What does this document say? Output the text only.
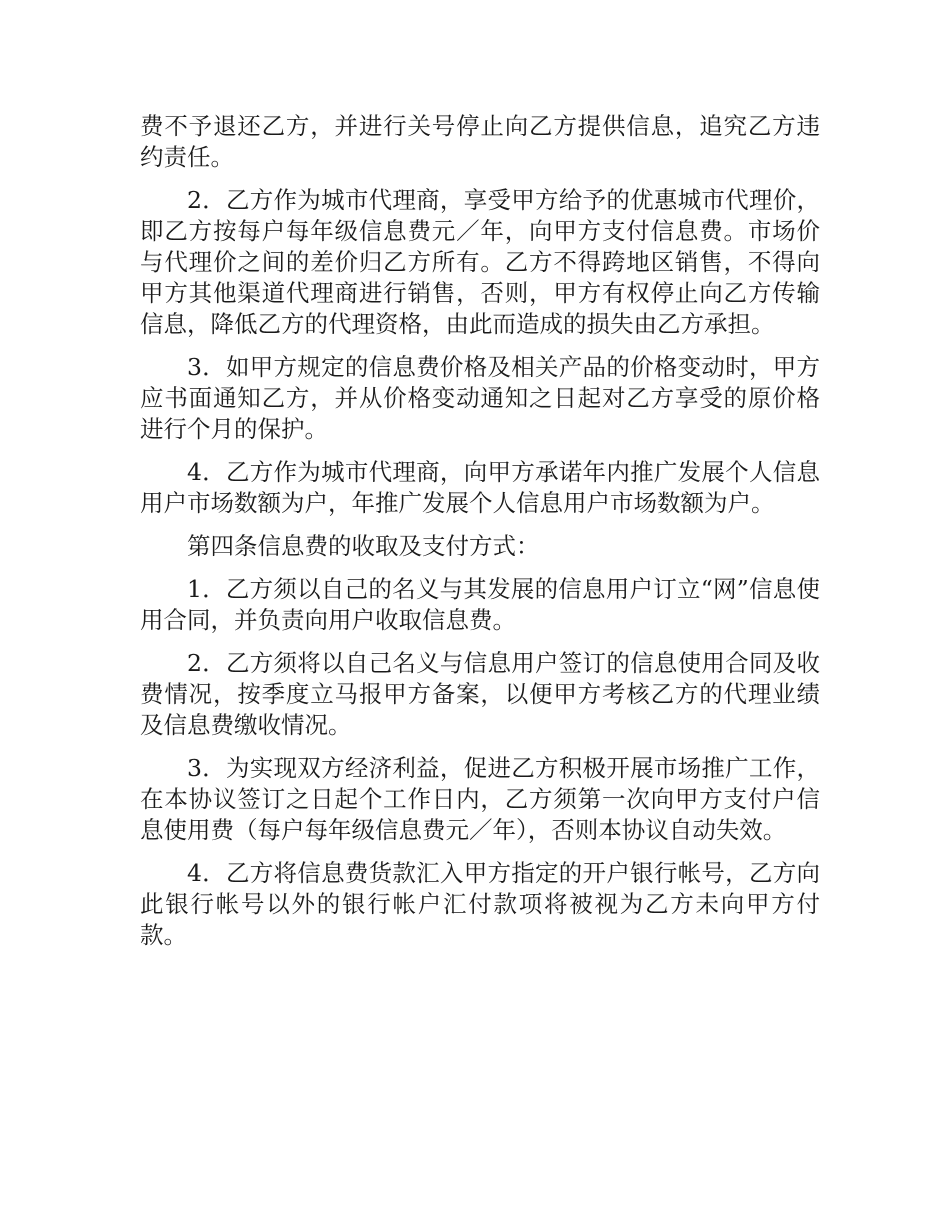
费不予退还乙方，并进行关号停止向乙方提供信息，追究乙方违约责任。

2．乙方作为城市代理商，享受甲方给予的优惠城市代理价，即乙方按每户每年级信息费元／年，向甲方支付信息费。市场价与代理价之间的差价归乙方所有。乙方不得跨地区销售，不得向甲方其他渠道代理商进行销售，否则，甲方有权停止向乙方传输信息，降低乙方的代理资格，由此而造成的损失由乙方承担。

3．如甲方规定的信息费价格及相关产品的价格变动时，甲方应书面通知乙方，并从价格变动通知之日起对乙方享受的原价格进行个月的保护。

4．乙方作为城市代理商，向甲方承诺年内推广发展个人信息用户市场数额为户，年推广发展个人信息用户市场数额为户。

第四条信息费的收取及支付方式：

1．乙方须以自己的名义与其发展的信息用户订立“网”信息使用合同，并负责向用户收取信息费。

2．乙方须将以自己名义与信息用户签订的信息使用合同及收费情况，按季度立马报甲方备案，以便甲方考核乙方的代理业绩及信息费缴收情况。

3．为实现双方经济利益，促进乙方积极开展市场推广工作，在本协议签订之日起个工作日内，乙方须第一次向甲方支付户信息使用费（每户每年级信息费元／年），否则本协议自动失效。

4．乙方将信息费货款汇入甲方指定的开户银行帐号，乙方向此银行帐号以外的银行帐户汇付款项将被视为乙方未向甲方付款。
